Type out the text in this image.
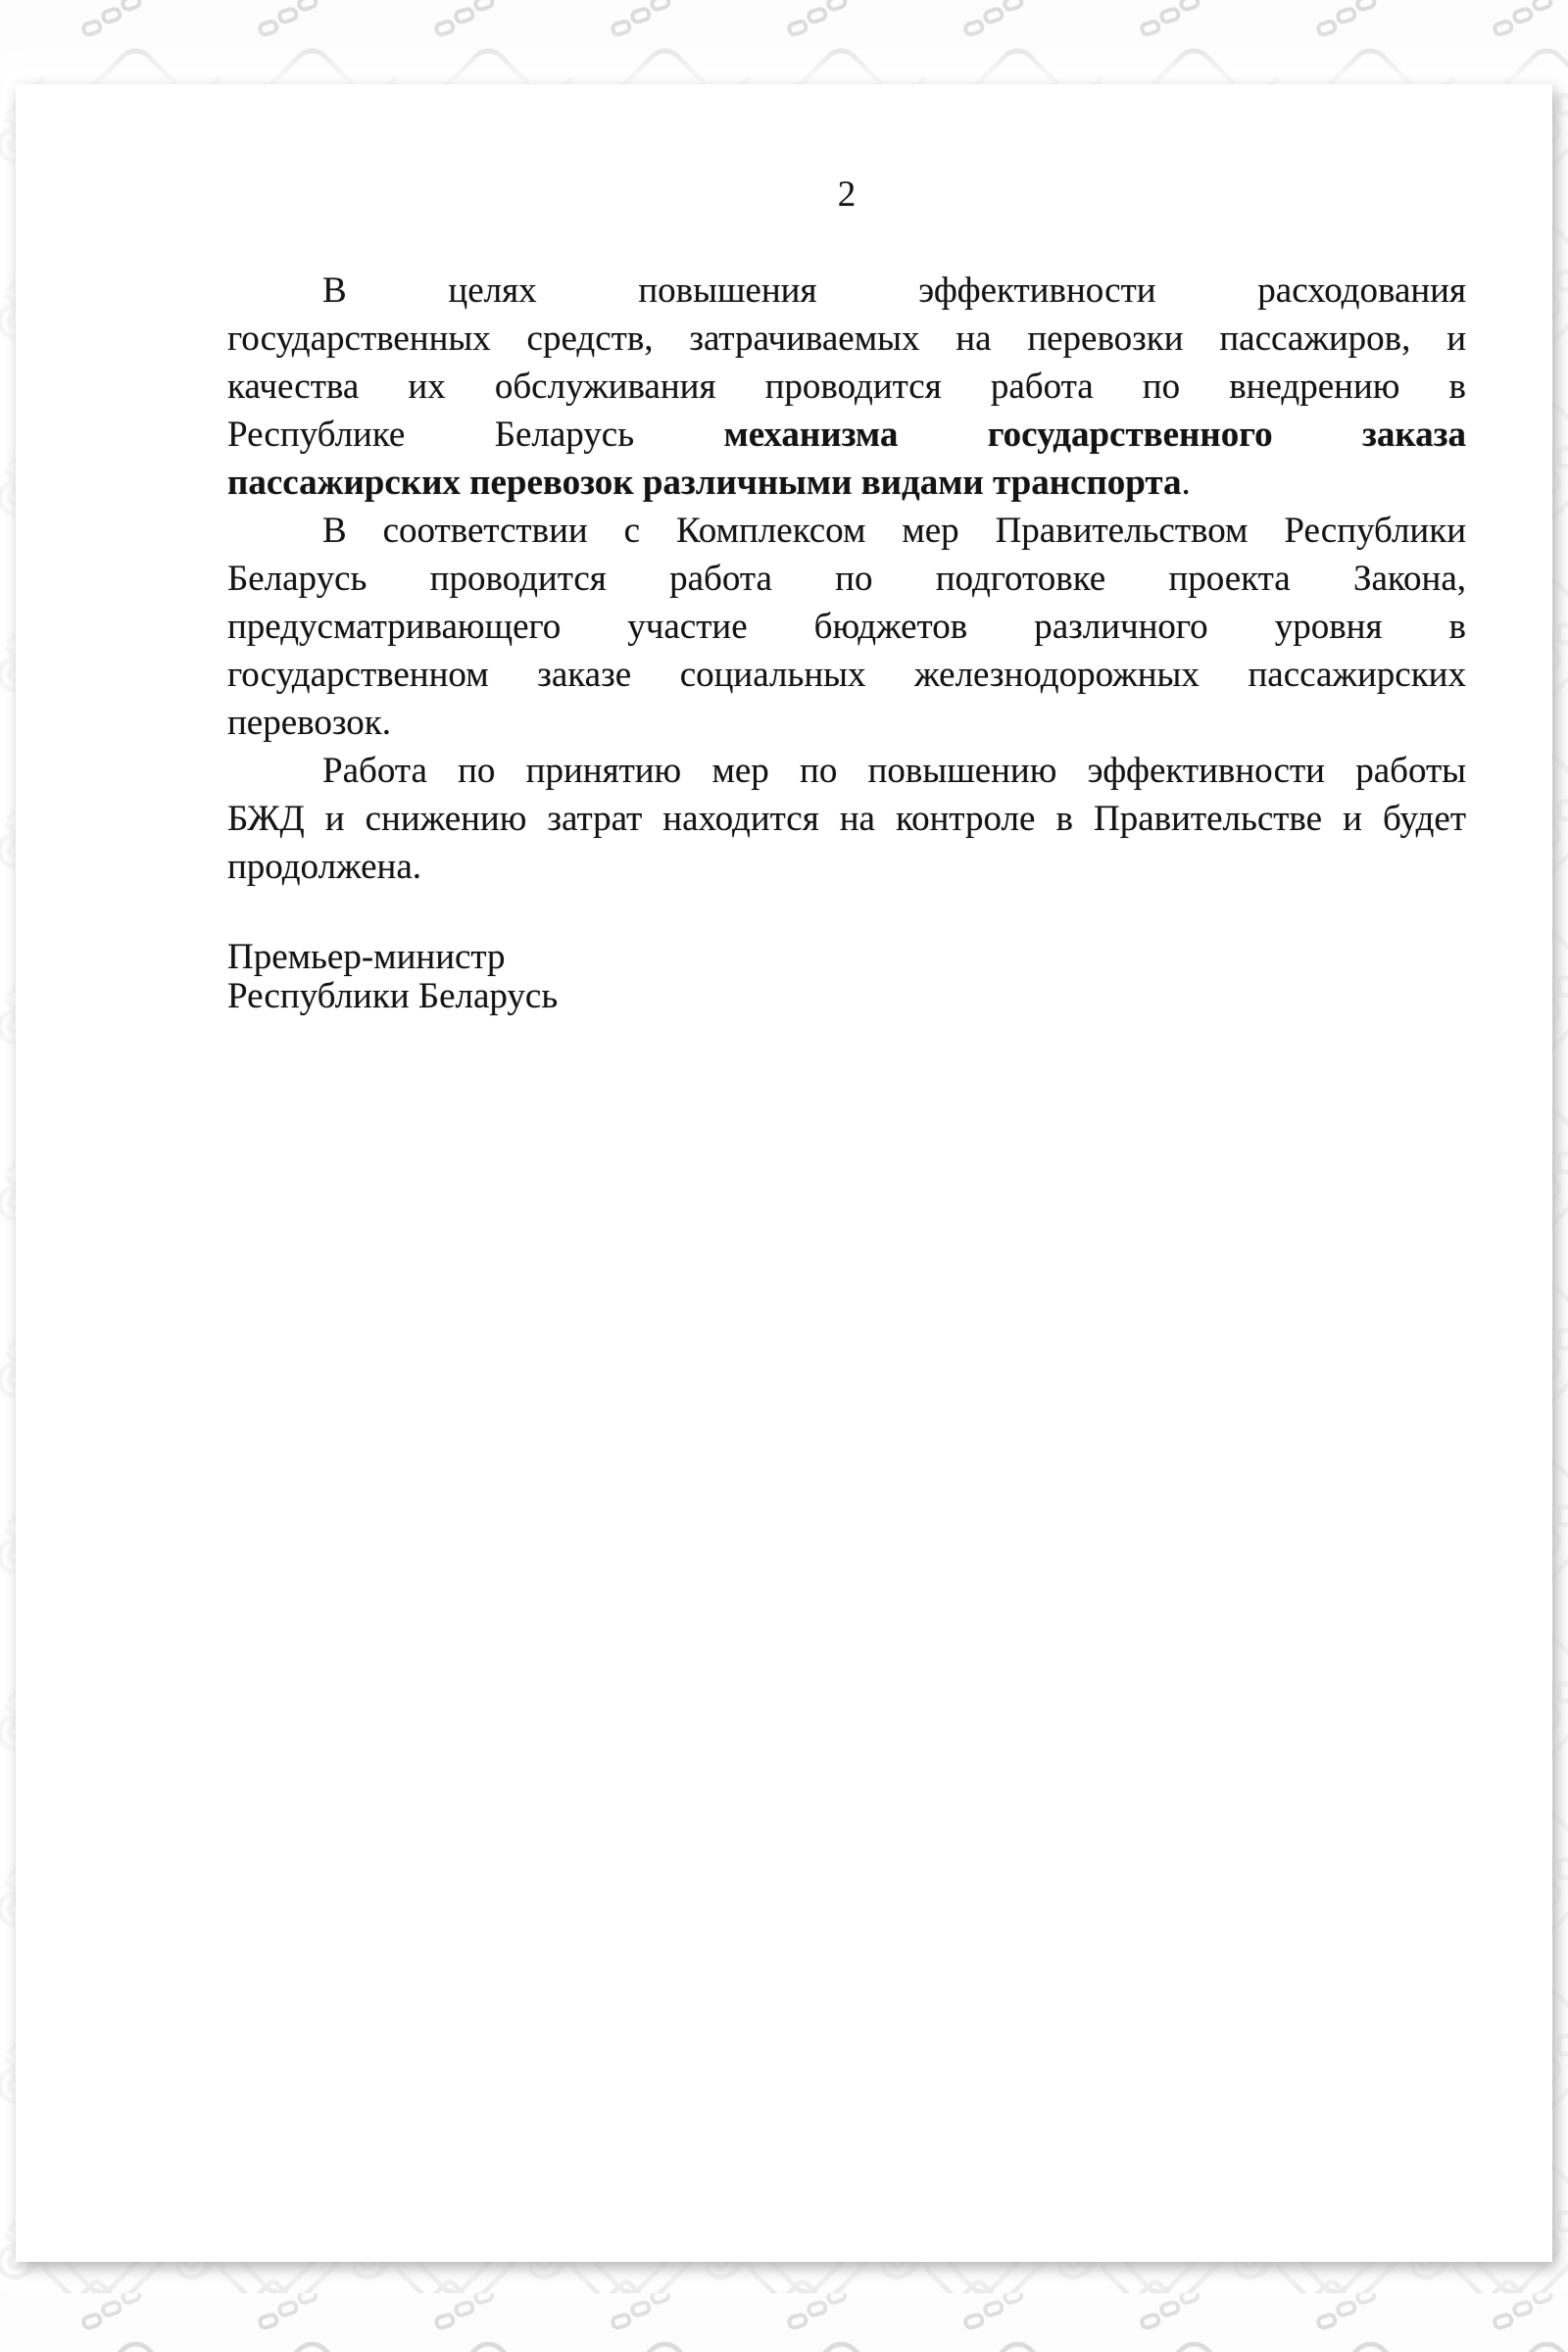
2
В целях повышения эффективности расходования
государственных средств, затрачиваемых на перевозки пассажиров, и
качества их обслуживания проводится работа по внедрению в
Республике Беларусь механизма государственного заказа
пассажирских перевозок различными видами транспорта.
В соответствии с Комплексом мер Правительством Республики
Беларусь проводится работа по подготовке проекта Закона,
предусматривающего участие бюджетов различного уровня в
государственном заказе социальных железнодорожных пассажирских
перевозок.
Работа по принятию мер по повышению эффективности работы
БЖД и снижению затрат находится на контроле в Правительстве и будет
продолжена.
Премьер-министр
Республики Беларусь
